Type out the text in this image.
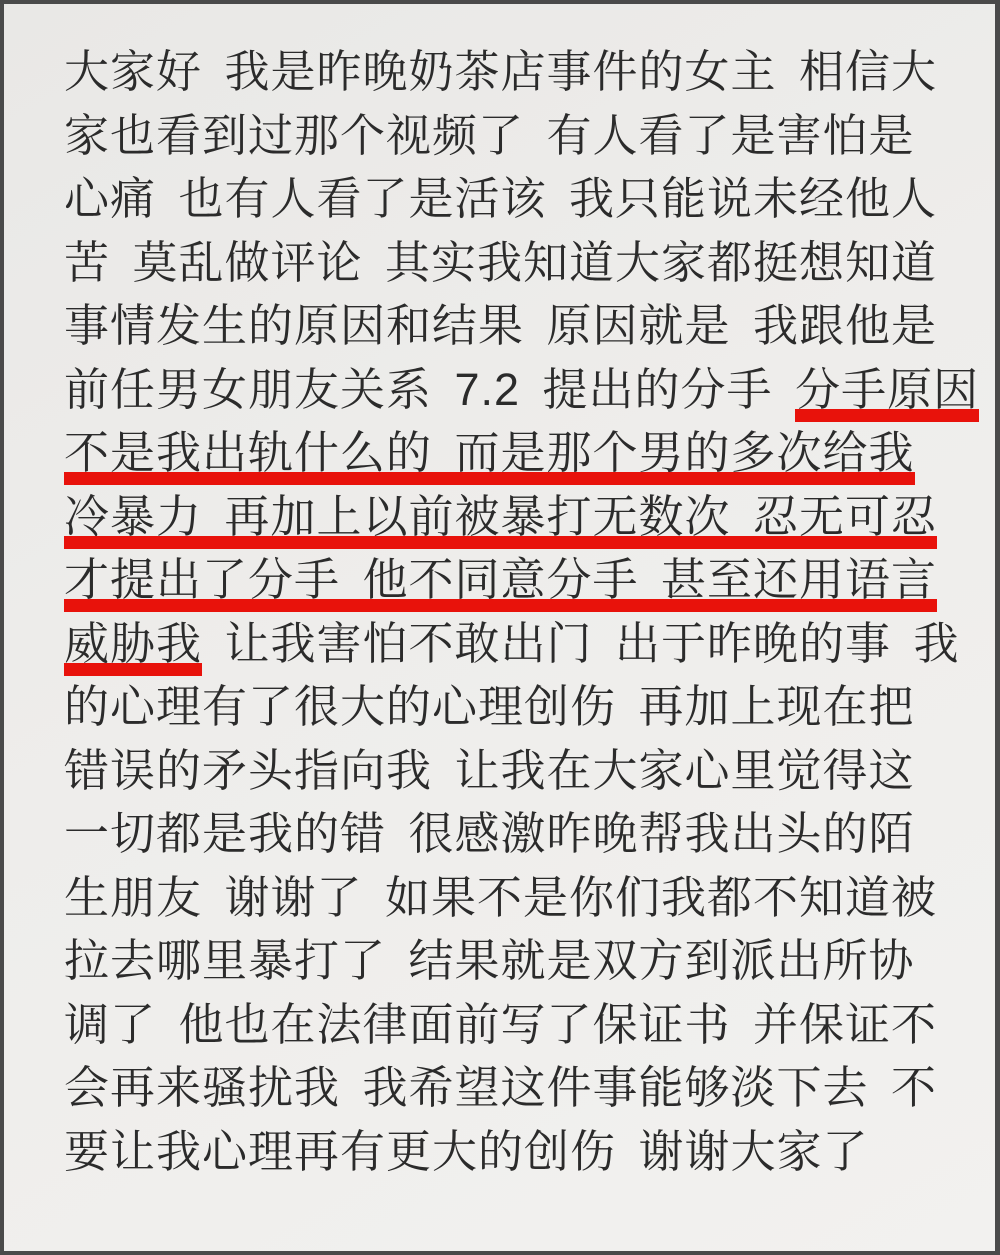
大家好 我是昨晚奶茶店事件的女主 相信大
家也看到过那个视频了 有人看了是害怕是
心痛 也有人看了是活该 我只能说未经他人
苦 莫乱做评论 其实我知道大家都挺想知道
事情发生的原因和结果 原因就是 我跟他是
前任男女朋友关系 7.2 提出的分手 分手原因
不是我出轨什么的 而是那个男的多次给我
冷暴力 再加上以前被暴打无数次 忍无可忍
才提出了分手 他不同意分手 甚至还用语言
威胁我 让我害怕不敢出门 出于昨晚的事 我
的心理有了很大的心理创伤 再加上现在把
错误的矛头指向我 让我在大家心里觉得这
一切都是我的错 很感激昨晚帮我出头的陌
生朋友 谢谢了 如果不是你们我都不知道被
拉去哪里暴打了 结果就是双方到派出所协
调了 他也在法律面前写了保证书 并保证不
会再来骚扰我 我希望这件事能够淡下去 不
要让我心理再有更大的创伤 谢谢大家了
